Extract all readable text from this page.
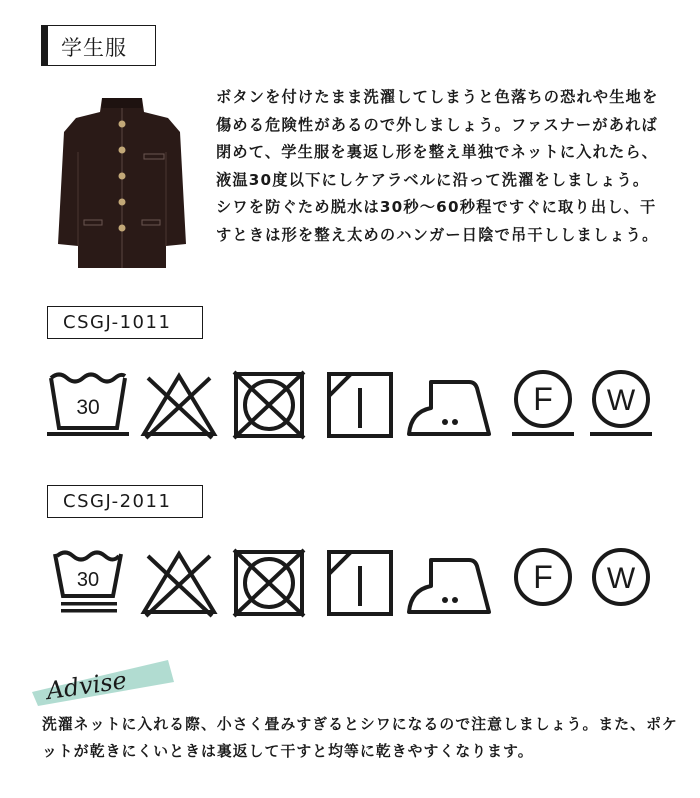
学生服

ボタンを付けたまま洗濯してしまうと色落ちの恐れや生地を傷める危険性があるので外しましょう。ファスナーがあれば閉めて、学生服を裏返し形を整え単独でネットに入れたら、液温30度以下にしケアラベルに沿って洗濯をしましょう。シワを防ぐため脱水は30秒～60秒程ですぐに取り出し、干すときは形を整え太めのハンガー日陰で吊干ししましょう。

CSGJ-1011
30	F W
CSGJ-2011
30	F W
Advise

洗濯ネットに入れる際、小さく畳みすぎるとシワになるので注意しましょう。また、ポケットが乾きにくいときは裏返して干すと均等に乾きやすくなります。
